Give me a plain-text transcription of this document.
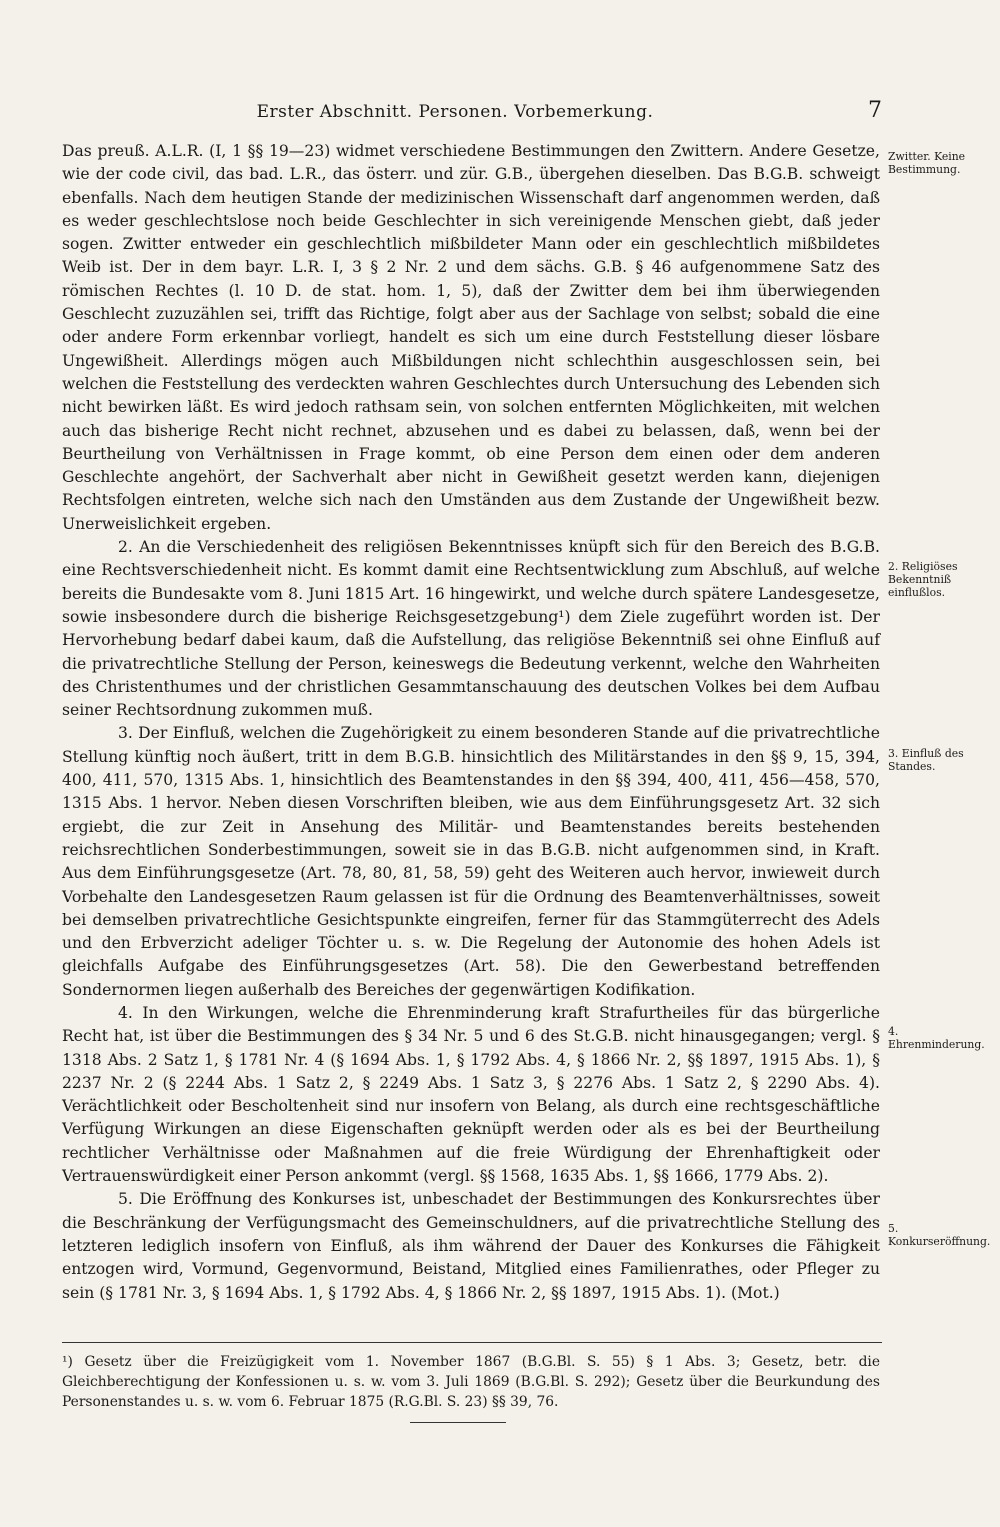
Erster Abschnitt. Personen. Vorbemerkung.	7

Das preuß. A.L.R. (I, 1 §§ 19—23) widmet verschiedene Bestimmungen den Zwittern. Andere Gesetze, wie der code civil, das bad. L.R., das österr. und zür. G.B., übergehen dieselben. Das B.G.B. schweigt ebenfalls. Nach dem heutigen Stande der medizinischen Wissenschaft darf angenommen werden, daß es weder geschlechtslose noch beide Geschlechter in sich vereinigende Menschen giebt, daß jeder sogen. Zwitter entweder ein geschlechtlich mißbildeter Mann oder ein geschlechtlich mißbildetes Weib ist. Der in dem bayr. L.R. I, 3 § 2 Nr. 2 und dem sächs. G.B. § 46 aufgenommene Satz des römischen Rechtes (l. 10 D. de stat. hom. 1, 5), daß der Zwitter dem bei ihm überwiegenden Geschlecht zuzuzählen sei, trifft das Richtige, folgt aber aus der Sachlage von selbst; sobald die eine oder andere Form erkennbar vorliegt, handelt es sich um eine durch Feststellung dieser lösbare Ungewißheit. Allerdings mögen auch Mißbildungen nicht schlechthin ausgeschlossen sein, bei welchen die Feststellung des verdeckten wahren Geschlechtes durch Untersuchung des Lebenden sich nicht bewirken läßt. Es wird jedoch rathsam sein, von solchen entfernten Möglichkeiten, mit welchen auch das bisherige Recht nicht rechnet, abzusehen und es dabei zu belassen, daß, wenn bei der Beurtheilung von Verhältnissen in Frage kommt, ob eine Person dem einen oder dem anderen Geschlechte angehört, der Sachverhalt aber nicht in Gewißheit gesetzt werden kann, diejenigen Rechtsfolgen eintreten, welche sich nach den Umständen aus dem Zustande der Ungewißheit bezw. Unerweislichkeit ergeben.

2. An die Verschiedenheit des religiösen Bekenntnisses knüpft sich für den Bereich des B.G.B. eine Rechtsverschiedenheit nicht. Es kommt damit eine Rechtsentwicklung zum Abschluß, auf welche bereits die Bundesakte vom 8. Juni 1815 Art. 16 hingewirkt, und welche durch spätere Landesgesetze, sowie insbesondere durch die bisherige Reichsgesetzgebung¹) dem Ziele zugeführt worden ist. Der Hervorhebung bedarf dabei kaum, daß die Aufstellung, das religiöse Bekenntniß sei ohne Einfluß auf die privatrechtliche Stellung der Person, keineswegs die Bedeutung verkennt, welche den Wahrheiten des Christenthumes und der christlichen Gesammtanschauung des deutschen Volkes bei dem Aufbau seiner Rechtsordnung zukommen muß.

3. Der Einfluß, welchen die Zugehörigkeit zu einem besonderen Stande auf die privatrechtliche Stellung künftig noch äußert, tritt in dem B.G.B. hinsichtlich des Militärstandes in den §§ 9, 15, 394, 400, 411, 570, 1315 Abs. 1, hinsichtlich des Beamtenstandes in den §§ 394, 400, 411, 456—458, 570, 1315 Abs. 1 hervor. Neben diesen Vorschriften bleiben, wie aus dem Einführungsgesetz Art. 32 sich ergiebt, die zur Zeit in Ansehung des Militär- und Beamtenstandes bereits bestehenden reichsrechtlichen Sonderbestimmungen, soweit sie in das B.G.B. nicht aufgenommen sind, in Kraft. Aus dem Einführungsgesetze (Art. 78, 80, 81, 58, 59) geht des Weiteren auch hervor, inwieweit durch Vorbehalte den Landesgesetzen Raum gelassen ist für die Ordnung des Beamtenverhältnisses, soweit bei demselben privatrechtliche Gesichtspunkte eingreifen, ferner für das Stammgüterrecht des Adels und den Erbverzicht adeliger Töchter u. s. w. Die Regelung der Autonomie des hohen Adels ist gleichfalls Aufgabe des Einführungsgesetzes (Art. 58). Die den Gewerbestand betreffenden Sondernormen liegen außerhalb des Bereiches der gegenwärtigen Kodifikation.

4. In den Wirkungen, welche die Ehrenminderung kraft Strafurtheiles für das bürgerliche Recht hat, ist über die Bestimmungen des § 34 Nr. 5 und 6 des St.G.B. nicht hinausgegangen; vergl. § 1318 Abs. 2 Satz 1, § 1781 Nr. 4 (§ 1694 Abs. 1, § 1792 Abs. 4, § 1866 Nr. 2, §§ 1897, 1915 Abs. 1), § 2237 Nr. 2 (§ 2244 Abs. 1 Satz 2, § 2249 Abs. 1 Satz 3, § 2276 Abs. 1 Satz 2, § 2290 Abs. 4). Verächtlichkeit oder Bescholtenheit sind nur insofern von Belang, als durch eine rechtsgeschäftliche Verfügung Wirkungen an diese Eigenschaften geknüpft werden oder als es bei der Beurtheilung rechtlicher Verhältnisse oder Maßnahmen auf die freie Würdigung der Ehrenhaftigkeit oder Vertrauenswürdigkeit einer Person ankommt (vergl. §§ 1568, 1635 Abs. 1, §§ 1666, 1779 Abs. 2).

5. Die Eröffnung des Konkurses ist, unbeschadet der Bestimmungen des Konkursrechtes über die Beschränkung der Verfügungsmacht des Gemeinschuldners, auf die privatrechtliche Stellung des letzteren lediglich insofern von Einfluß, als ihm während der Dauer des Konkurses die Fähigkeit entzogen wird, Vormund, Gegenvormund, Beistand, Mitglied eines Familienrathes, oder Pfleger zu sein (§ 1781 Nr. 3, § 1694 Abs. 1, § 1792 Abs. 4, § 1866 Nr. 2, §§ 1897, 1915 Abs. 1). (Mot.)

Zwitter. Keine Bestimmung.
2. Religiöses Bekenntniß einflußlos.
3. Einfluß des Standes.
4. Ehrenminderung.
5. Konkurseröffnung.
¹) Gesetz über die Freizügigkeit vom 1. November 1867 (B.G.Bl. S. 55) § 1 Abs. 3; Gesetz, betr. die Gleichberechtigung der Konfessionen u. s. w. vom 3. Juli 1869 (B.G.Bl. S. 292); Gesetz über die Beurkundung des Personenstandes u. s. w. vom 6. Februar 1875 (R.G.Bl. S. 23) §§ 39, 76.
